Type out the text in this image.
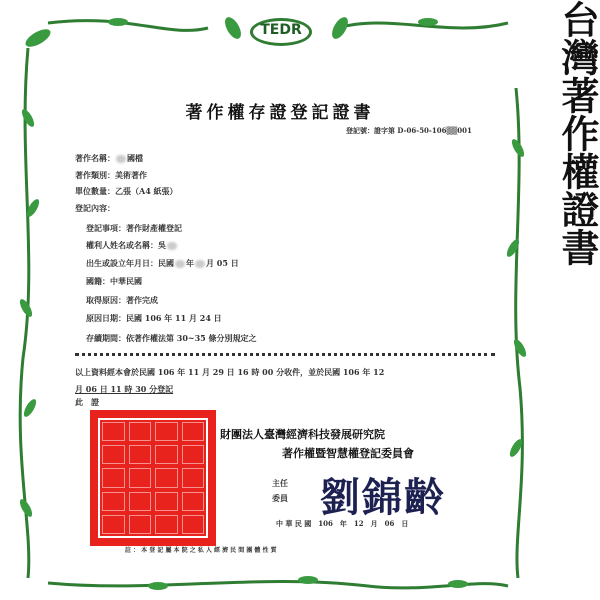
TEDR
著作權存證登記證書
登記號：證字第 D-06-50-106▒▒001
著作名稱： 國檔
著作類別：美術著作
單位數量：乙張（A4 紙張）
登記內容：
登記事項：著作財產權登記
權利人姓名或名稱：吳
出生或設立年月日：民國 年 月 05 日
國籍：中華民國
取得原因：著作完成
原因日期：民國 106 年 11 月 24 日
存續期間：依著作權法第 30~35 條分別規定之
以上資料經本會於民國 106 年 11 月 29 日 16 時 00 分收件，並於民國 106 年 12
月 06 日 11 時 30 分登記
此　證
財團法人臺灣經濟科技發展研究院
著作權暨智慧權登記委員會
主任
委員 劉錦齡
中 華 民 國　106　年　12　月　06　日
註 ： 本 登 記 屬 本 院 之 私 人 經 濟 民 間 團 體 性 質
台灣著作權證書
